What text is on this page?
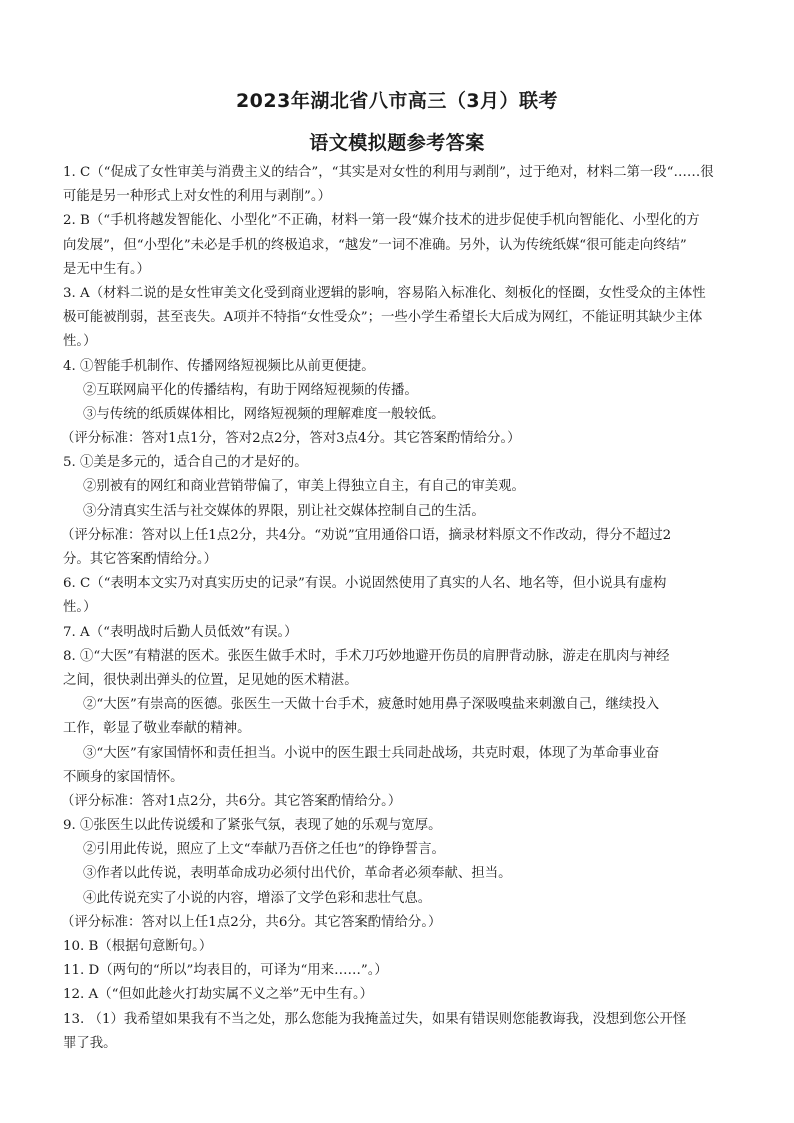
2023年湖北省八市高三（3月）联考
语文模拟题参考答案
1. C（“促成了女性审美与消费主义的结合”，“其实是对女性的利用与剥削”，过于绝对，材料二第一段“……很
可能是另一种形式上对女性的利用与剥削”。）
2. B（“手机将越发智能化、小型化”不正确，材料一第一段“媒介技术的进步促使手机向智能化、小型化的方
向发展”，但“小型化”未必是手机的终极追求，“越发”一词不准确。另外，认为传统纸媒“很可能走向终结”
是无中生有。）
3. A（材料二说的是女性审美文化受到商业逻辑的影响，容易陷入标准化、刻板化的怪圈，女性受众的主体性
极可能被削弱，甚至丧失。A项并不特指“女性受众”；一些小学生希望长大后成为网红，不能证明其缺少主体
性。）
4. ①智能手机制作、传播网络短视频比从前更便捷。
②互联网扁平化的传播结构，有助于网络短视频的传播。
③与传统的纸质媒体相比，网络短视频的理解难度一般较低。
（评分标准：答对1点1分，答对2点2分，答对3点4分。其它答案酌情给分。）
5. ①美是多元的，适合自己的才是好的。
②别被有的网红和商业营销带偏了，审美上得独立自主，有自己的审美观。
③分清真实生活与社交媒体的界限，别让社交媒体控制自己的生活。
（评分标准：答对以上任1点2分，共4分。“劝说”宜用通俗口语，摘录材料原文不作改动，得分不超过2
分。其它答案酌情给分。）
6. C（“表明本文实乃对真实历史的记录”有误。小说固然使用了真实的人名、地名等，但小说具有虚构
性。）
7. A（“表明战时后勤人员低效”有误。）
8. ①“大医”有精湛的医术。张医生做手术时，手术刀巧妙地避开伤员的肩胛背动脉，游走在肌肉与神经
之间，很快剥出弹头的位置，足见她的医术精湛。
②“大医”有崇高的医德。张医生一天做十台手术，疲惫时她用鼻子深吸嗅盐来刺激自己，继续投入
工作，彰显了敬业奉献的精神。
③“大医”有家国情怀和责任担当。小说中的医生跟士兵同赴战场，共克时艰，体现了为革命事业奋
不顾身的家国情怀。
（评分标准：答对1点2分，共6分。其它答案酌情给分。）
9. ①张医生以此传说缓和了紧张气氛，表现了她的乐观与宽厚。
②引用此传说，照应了上文“奉献乃吾侪之任也”的铮铮誓言。
③作者以此传说，表明革命成功必须付出代价，革命者必须奉献、担当。
④此传说充实了小说的内容，增添了文学色彩和悲壮气息。
（评分标准：答对以上任1点2分，共6分。其它答案酌情给分。）
10. B（根据句意断句。）
11. D（两句的“所以”均表目的，可译为“用来……”。）
12. A（“但如此趁火打劫实属不义之举”无中生有。）
13. （1）我希望如果我有不当之处，那么您能为我掩盖过失，如果有错误则您能教诲我，没想到您公开怪
罪了我。
